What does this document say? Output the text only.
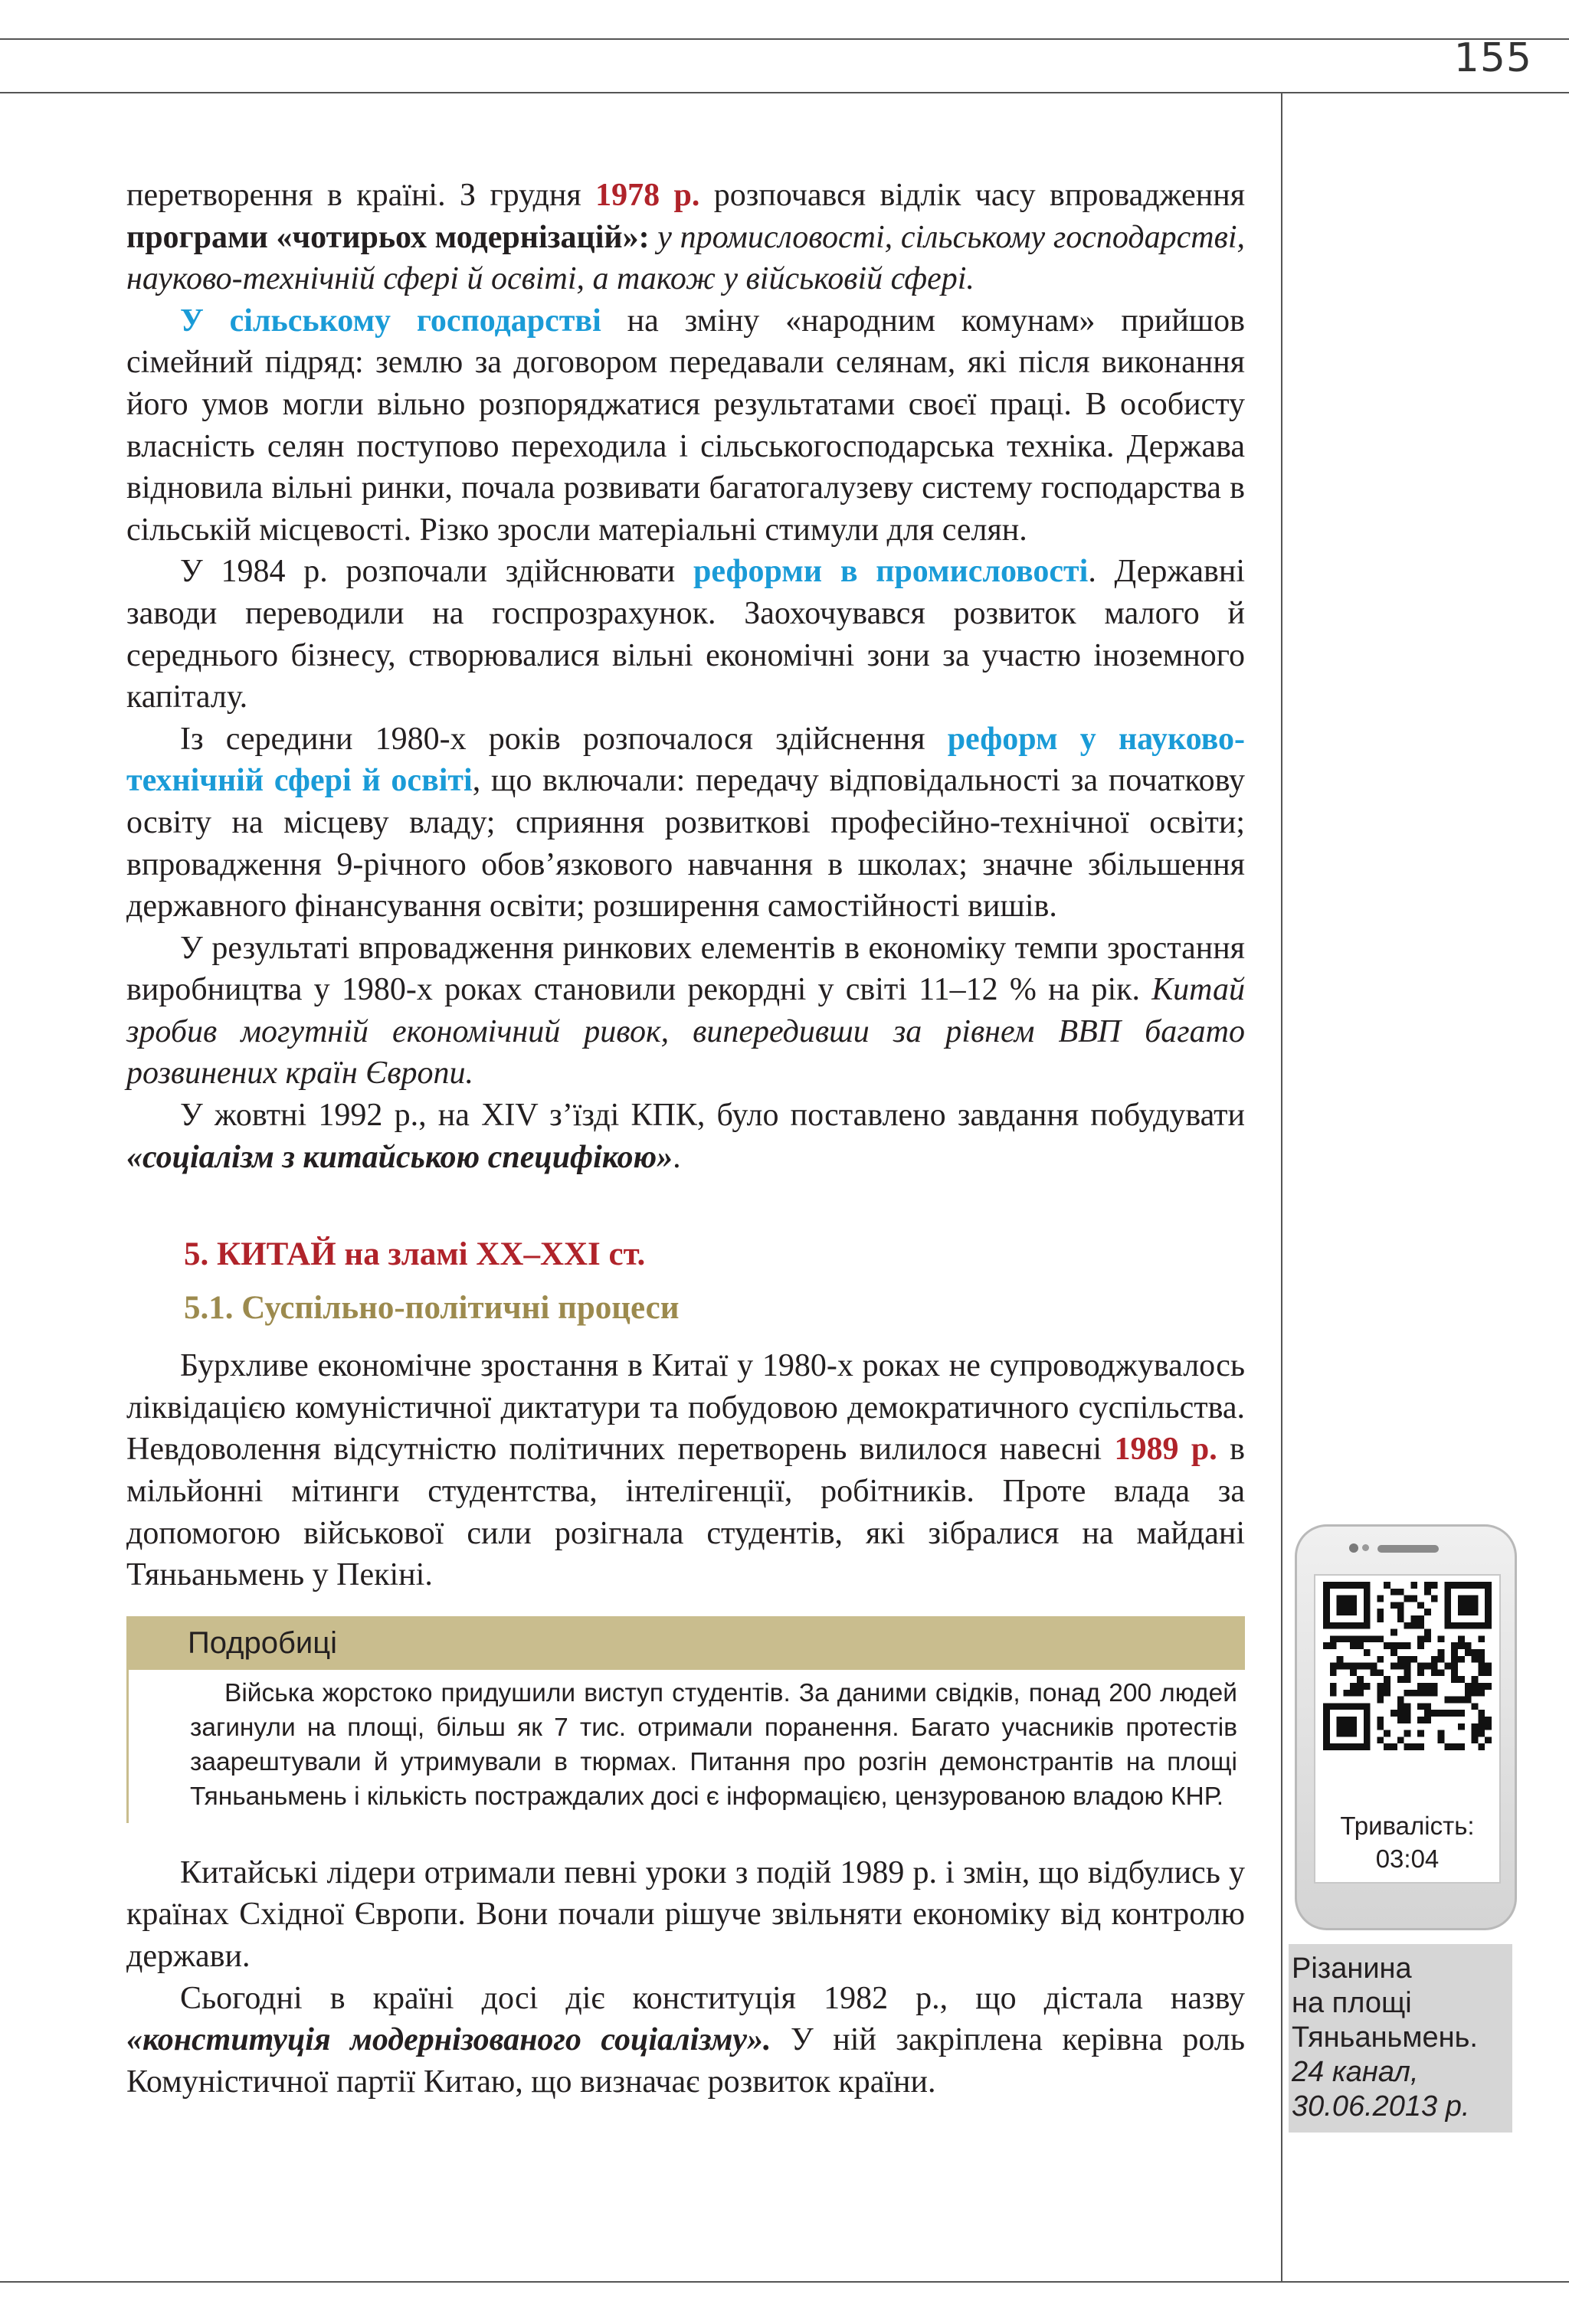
155

перетворення в країні. З грудня 1978 р. розпочався відлік часу впровадження програми «чотирьох модернізацій»: у промисловості, сільському господарстві, науково-технічній сфері й освіті, а також у військовій сфері.

У сільському господарстві на зміну «народним комунам» прийшов сімейний підряд: землю за договором передавали селянам, які після виконання його умов могли вільно розпоряджатися результатами своєї праці. В особисту власність селян поступово переходила і сільськогосподарська техніка. Держава відновила вільні ринки, почала розвивати багатогалузеву систему господарства в сільській місцевості. Різко зросли матеріальні стимули для селян.

У 1984 р. розпочали здійснювати реформи в промисловості. Державні заводи переводили на госпрозрахунок. Заохочувався розвиток малого й середнього бізнесу, створювалися вільні економічні зони за участю іноземного капіталу.

Із середини 1980-х років розпочалося здійснення реформ у науково-технічній сфері й освіті, що включали: передачу відповідальності за початкову освіту на місцеву владу; сприяння розвиткові професійно-технічної освіти; впровадження 9-річного обов’язкового навчання в школах; значне збільшення державного фінансування освіти; розширення самостійності вишів.

У результаті впровадження ринкових елементів в економіку темпи зростання виробництва у 1980-х роках становили рекордні у світі 11–12 % на рік. Китай зробив могутній економічний ривок, випередивши за рівнем ВВП багато розвинених країн Європи.

У жовтні 1992 р., на XIV з’їзді КПК, було поставлено завдання побудувати «соціалізм з китайською специфікою».

5. КИТАЙ на зламі XX–XXI ст.
5.1. Суспільно-політичні процеси

Бурхливе економічне зростання в Китаї у 1980-х роках не супроводжувалось ліквідацією комуністичної диктатури та побудовою демократичного суспільства. Невдоволення відсутністю політичних перетворень вилилося навесні 1989 р. в мільйонні мітинги студентства, інтелігенції, робітників. Проте влада за допомогою військової сили розігнала студентів, які зібралися на майдані Тяньаньмень у Пекіні.

Подробиці

Війська жорстоко придушили виступ студентів. За даними свідків, понад 200 людей загинули на площі, більш як 7 тис. отримали поранення. Багато учасників протестів заарештували й утримували в тюрмах. Питання про розгін демонстрантів на площі Тяньаньмень і кількість постраждалих досі є інформацією, цензурованою владою КНР.

Китайські лідери отримали певні уроки з подій 1989 р. і змін, що відбулись у країнах Східної Європи. Вони почали рішуче звільняти економіку від контролю держави.

Сьогодні в країні досі діє конституція 1982 р., що дістала назву «конституція модернізованого соціалізму». У ній закріплена керівна роль Комуністичної партії Китаю, що визначає розвиток країни.

Тривалість:
03:04
Різанина
на площі
Тяньаньмень.
24 канал,
30.06.2013 р.
